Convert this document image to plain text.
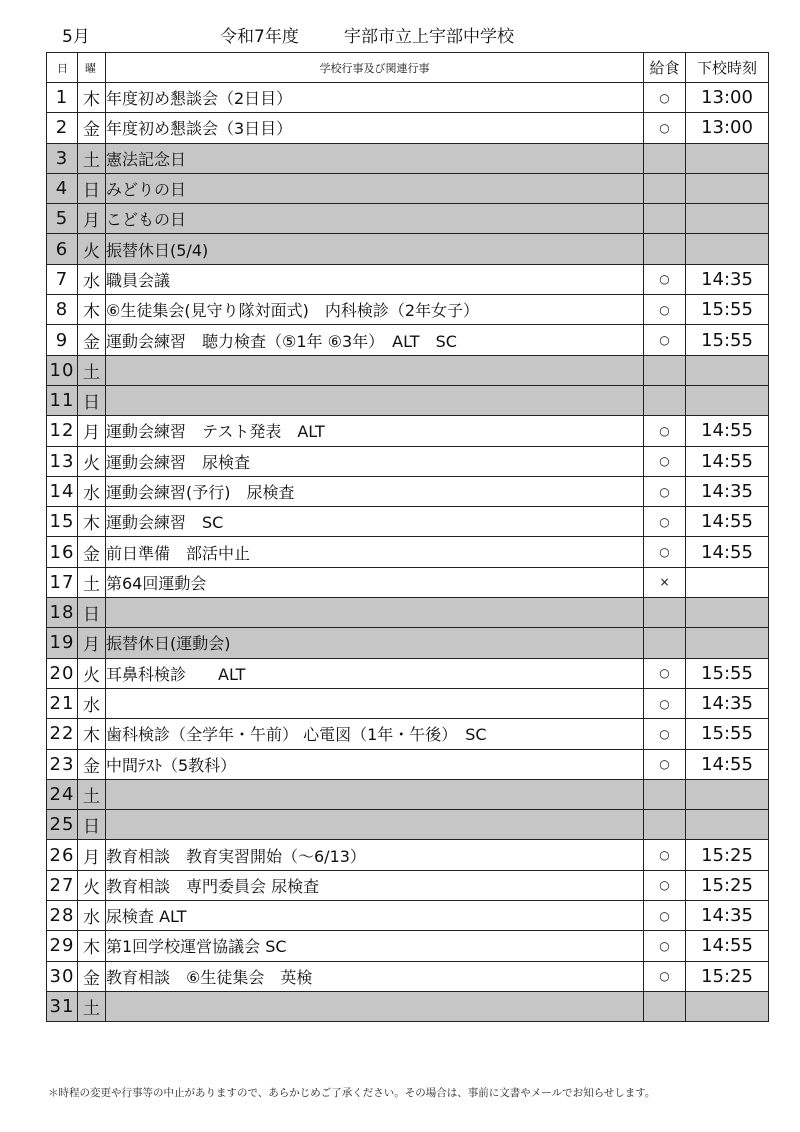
5月	令和7年度	宇部市立上宇部中学校
日	曜	学校行事及び関連行事	給食	下校時刻
1	木	年度初め懇談会（2日目）	○	13:00
2	金	年度初め懇談会（3日目）	○	13:00
3	土	憲法記念日		
4	日	みどりの日		
5	月	こどもの日		
6	火	振替休日(5/4)		
7	水	職員会議	○	14:35
8	木	⑥生徒集会(見守り隊対面式)　内科検診（2年女子）	○	15:55
9	金	運動会練習　聴力検査（⑤1年 ⑥3年）　ALT　SC	○	15:55
10	土			
11	日			
12	月	運動会練習　テスト発表　ALT	○	14:55
13	火	運動会練習　尿検査	○	14:55
14	水	運動会練習(予行)　尿検査	○	14:35
15	木	運動会練習　SC	○	14:55
16	金	前日準備　部活中止	○	14:55
17	土	第64回運動会	×	
18	日			
19	月	振替休日(運動会)		
20	火	耳鼻科検診　　ALT	○	15:55
21	水		○	14:35
22	木	歯科検診（全学年・午前） 心電図（1年・午後）　SC	○	15:55
23	金	中間ﾃｽﾄ（5教科）	○	14:55
24	土			
25	日			
26	月	教育相談　教育実習開始（～6/13）	○	15:25
27	火	教育相談　専門委員会 尿検査	○	15:25
28	水	尿検査 ALT	○	14:35
29	木	第1回学校運営協議会 SC	○	14:55
30	金	教育相談　⑥生徒集会　英検	○	15:25
31	土			
＊時程の変更や行事等の中止がありますので、あらかじめご了承ください。その場合は、事前に文書やメールでお知らせします。
